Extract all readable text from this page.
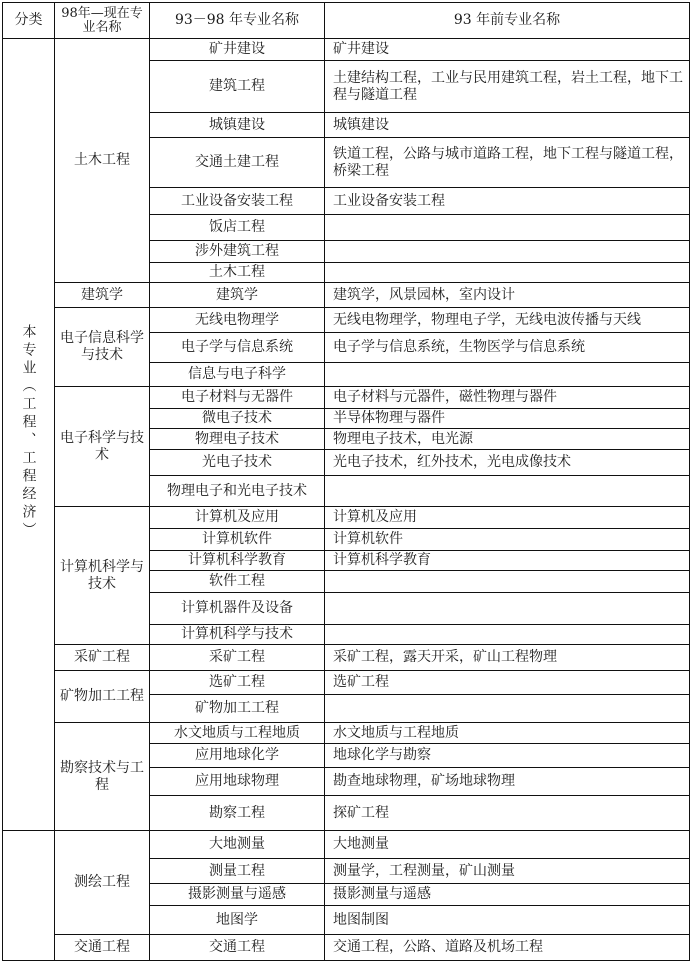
分类	98年—现在专业名称	93－98 年专业名称	93 年前专业名称
本专业（工程、工程经济）	土木工程	矿井建设	矿井建设
		建筑工程	土建结构工程，工业与民用建筑工程，岩土工程，地下工程与隧道工程
		城镇建设	城镇建设
		交通土建工程	铁道工程，公路与城市道路工程，地下工程与隧道工程，桥梁工程
		工业设备安装工程	工业设备安装工程
		饭店工程	
		涉外建筑工程	
		土木工程	
	建筑学	建筑学	建筑学，风景园林，室内设计
	电子信息科学与技术	无线电物理学	无线电物理学，物理电子学，无线电波传播与天线
		电子学与信息系统	电子学与信息系统，生物医学与信息系统
		信息与电子科学	
	电子科学与技术	电子材料与无器件	电子材料与元器件，磁性物理与器件
		微电子技术	半导体物理与器件
		物理电子技术	物理电子技术，电光源
		光电子技术	光电子技术，红外技术，光电成像技术
		物理电子和光电子技术	
	计算机科学与技术	计算机及应用	计算机及应用
		计算机软件	计算机软件
		计算机科学教育	计算机科学教育
		软件工程	
		计算机器件及设备	
		计算机科学与技术	
	采矿工程	采矿工程	采矿工程，露天开采，矿山工程物理
	矿物加工工程	选矿工程	选矿工程
		矿物加工工程	
	勘察技术与工程	水文地质与工程地质	水文地质与工程地质
		应用地球化学	地球化学与勘察
		应用地球物理	勘查地球物理，矿场地球物理
		勘察工程	探矿工程
	测绘工程	大地测量	大地测量
		测量工程	测量学，工程测量，矿山测量
		摄影测量与遥感	摄影测量与遥感
		地图学	地图制图
	交通工程	交通工程	交通工程，公路、道路及机场工程
